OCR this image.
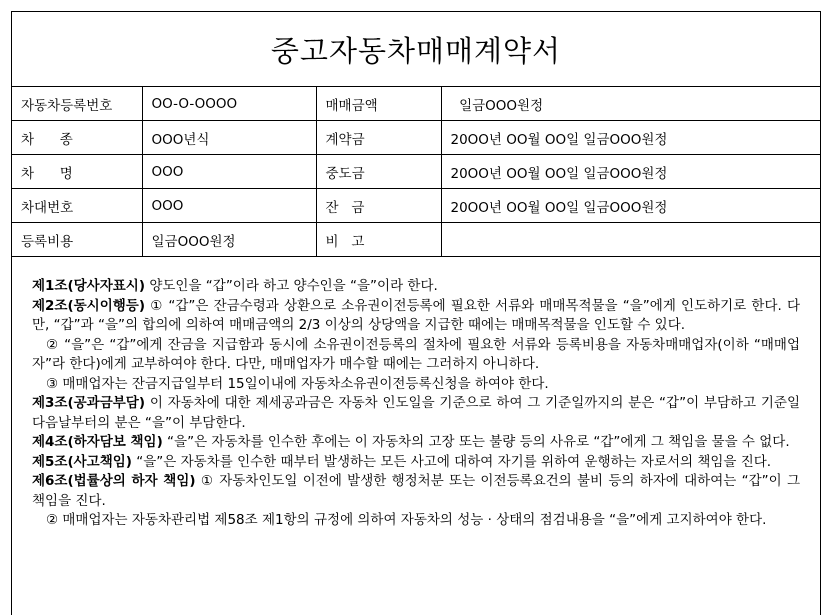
중고자동차매매계약서
자동차등록번호	OO-O-OOOO	매매금액	일금OOO원정
차      종	OOO년식	계약금	20OO년 OO월 OO일 일금OOO원정
차      명	OOO	중도금	20OO년 OO월 OO일 일금OOO원정
차대번호	OOO	잔   금	20OO년 OO월 OO일 일금OOO원정
등록비용	일금OOO원정	비   고	

제1조(당사자표시) 양도인을 “갑”이라 하고 양수인을 “을”이라 한다.

제2조(동시이행등) ① “갑”은 잔금수령과 상환으로 소유권이전등록에 필요한 서류와 매매목적물을 “을”에게 인도하기로 한다. 다만, “갑”과 “을”의 합의에 의하여 매매금액의 2/3 이상의 상당액을 지급한 때에는 매매목적물을 인도할 수 있다.

② “을”은 “갑”에게 잔금을 지급함과 동시에 소유권이전등록의 절차에 필요한 서류와 등록비용을 자동차매매업자(이하 “매매업자”라 한다)에게 교부하여야 한다. 다만, 매매업자가 매수할 때에는 그러하지 아니하다.

③ 매매업자는 잔금지급일부터 15일이내에 자동차소유권이전등록신청을 하여야 한다.

제3조(공과금부담) 이 자동차에 대한 제세공과금은 자동차 인도일을 기준으로 하여 그 기준일까지의 분은 “갑”이 부담하고 기준일 다음날부터의 분은 “을”이 부담한다.

제4조(하자담보 책임) “을”은 자동차를 인수한 후에는 이 자동차의 고장 또는 불량 등의 사유로 “갑”에게 그 책임을 물을 수 없다.

제5조(사고책임) “을”은 자동차를 인수한 때부터 발생하는 모든 사고에 대하여 자기를 위하여 운행하는 자로서의 책임을 진다.

제6조(법률상의 하자 책임) ① 자동차인도일 이전에 발생한 행정처분 또는 이전등록요건의 불비 등의 하자에 대하여는 “갑”이 그 책임을 진다.

② 매매업자는 자동차관리법 제58조 제1항의 규정에 의하여 자동차의 성능 · 상태의 점검내용을 “을”에게 고지하여야 한다.
